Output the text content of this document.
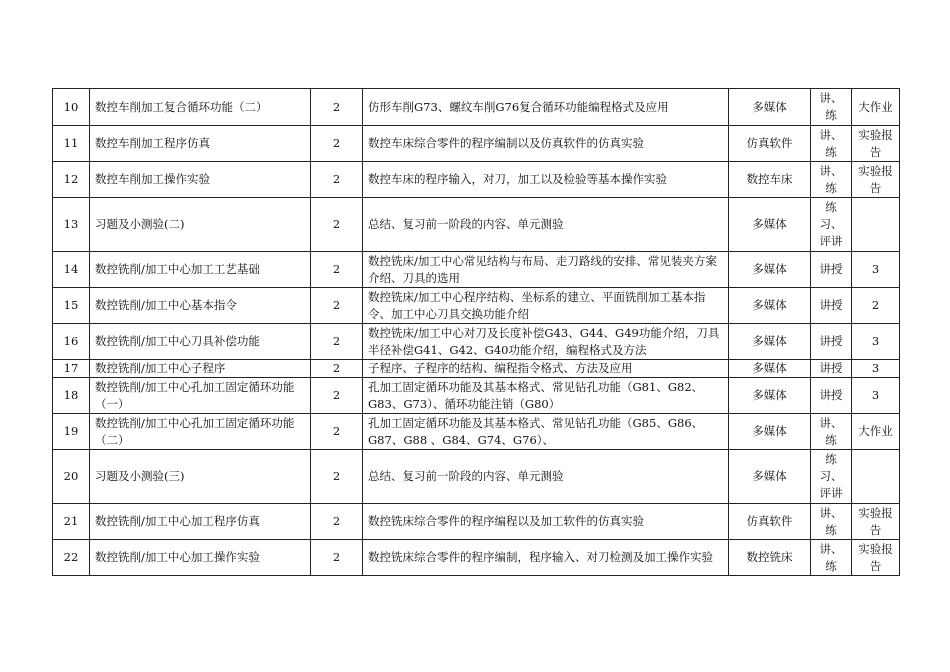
10	数控车削加工复合循环功能（二）	2	仿形车削G73、螺纹车削G76复合循环功能编程格式及应用	多媒体	讲、练	大作业
11	数控车削加工程序仿真	2	数控车床综合零件的程序编制以及仿真软件的仿真实验	仿真软件	讲、练	实验报告
12	数控车削加工操作实验	2	数控车床的程序输入，对刀，加工以及检验等基本操作实验	数控车床	讲、练	实验报告
13	习题及小测验(二)	2	总结、复习前一阶段的内容、单元测验	多媒体	练习、评讲	
14	数控铣削/加工中心加工工艺基础	2	数控铣床/加工中心常见结构与布局、走刀路线的安排、常见装夹方案介绍、刀具的选用	多媒体	讲授	3
15	数控铣削/加工中心基本指令	2	数控铣床/加工中心程序结构、坐标系的建立、平面铣削加工基本指令、加工中心刀具交换功能介绍	多媒体	讲授	2
16	数控铣削/加工中心刀具补偿功能	2	数控铣床/加工中心对刀及长度补偿G43、G44、G49功能介绍，刀具半径补偿G41、G42、G40功能介绍，编程格式及方法	多媒体	讲授	3
17	数控铣削/加工中心子程序	2	子程序、子程序的结构、编程指令格式、方法及应用	多媒体	讲授	3
18	数控铣削/加工中心孔加工固定循环功能（一）	2	孔加工固定循环功能及其基本格式、常见钻孔功能（G81、G82、G83、G73）、循环功能注销（G80）	多媒体	讲授	3
19	数控铣削/加工中心孔加工固定循环功能（二）	2	孔加工固定循环功能及其基本格式、常见钻孔功能（G85、G86、G87、G88 、G84、G74、G76）、	多媒体	讲、练	大作业
20	习题及小测验(三)	2	总结、复习前一阶段的内容、单元测验	多媒体	练习、评讲	
21	数控铣削/加工中心加工程序仿真	2	数控铣床综合零件的程序编程以及加工软件的仿真实验	仿真软件	讲、练	实验报告
22	数控铣削/加工中心加工操作实验	2	数控铣床综合零件的程序编制，程序输入、对刀检测及加工操作实验	数控铣床	讲、练	实验报告
